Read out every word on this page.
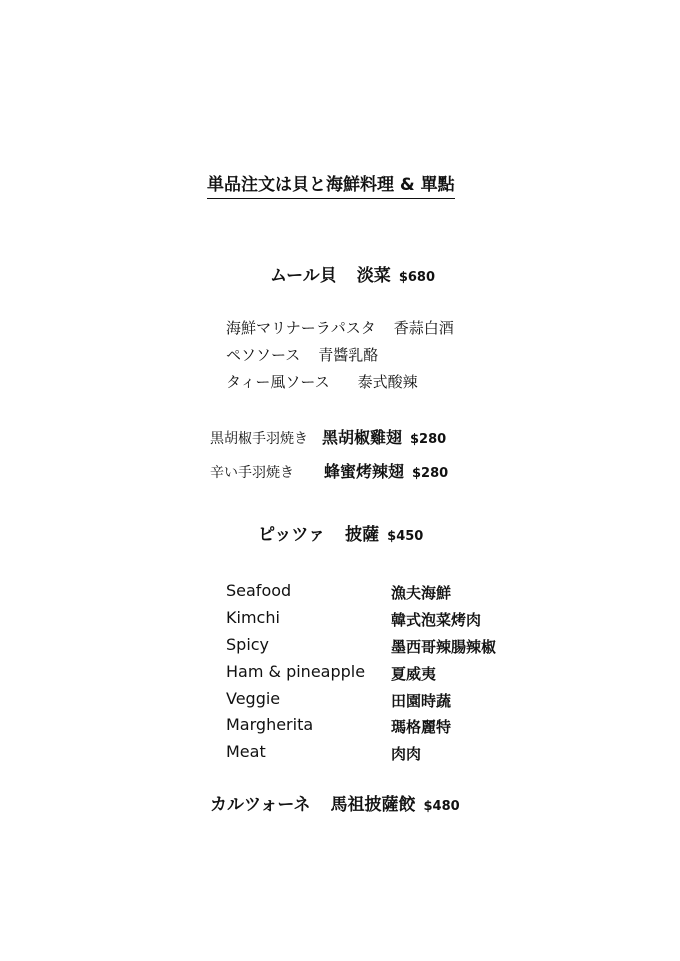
単品注文は貝と海鮮料理 & 單點
ムール貝 淡菜 $680
海鮮マリナーラパスタ 香蒜白酒
ペソソース 青醬乳酪
タィー風ソース 泰式酸辣
黒胡椒手羽焼き 黑胡椒雞翅 $280
辛い手羽焼き 蜂蜜烤辣翅 $280
ピッツァ 披薩 $450
Seafood	漁夫海鮮
Kimchi	韓式泡菜烤肉
Spicy	墨西哥辣腸辣椒
Ham & pineapple 夏威夷
Veggie	田園時蔬
Margherita	瑪格麗特
Meat	肉肉
カルツォーネ 馬祖披薩餃 $480
